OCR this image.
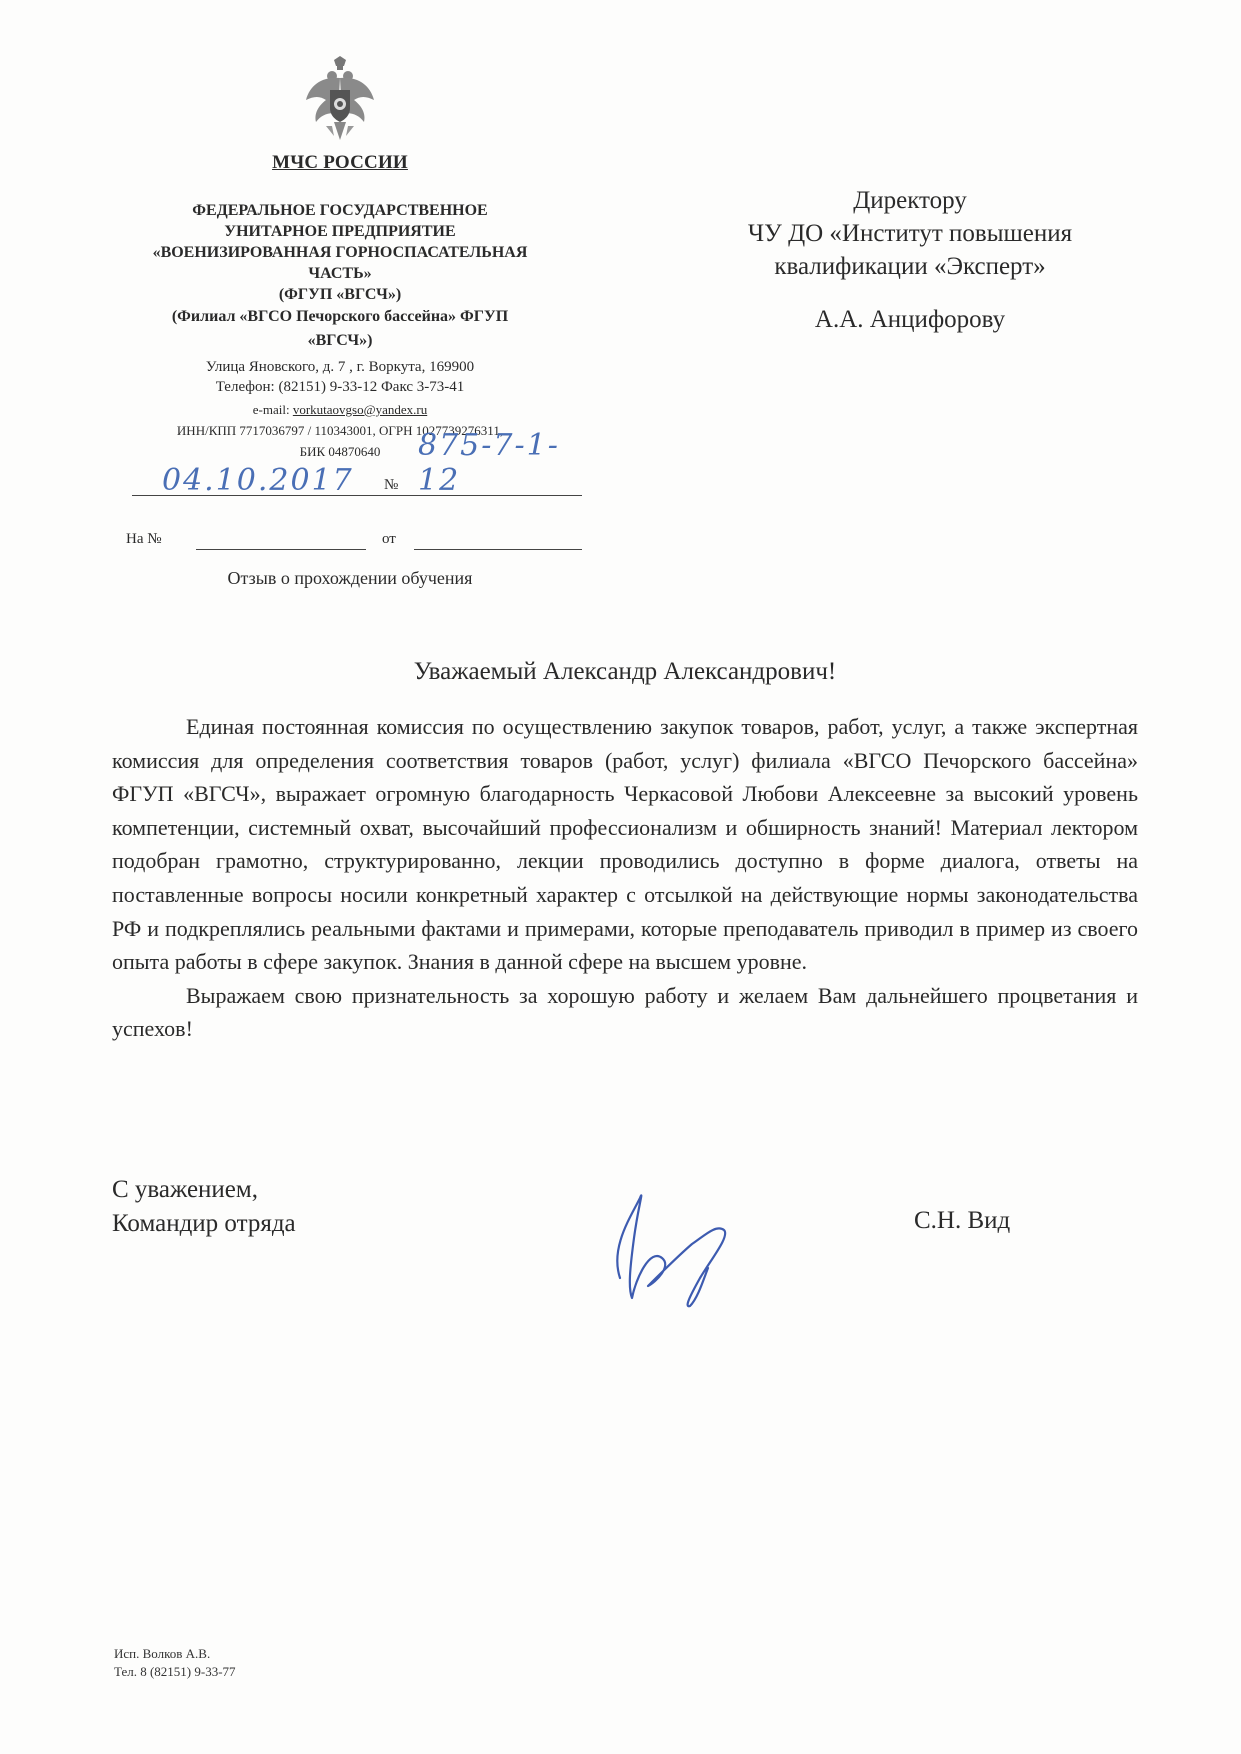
МЧС РОССИИ
ФЕДЕРАЛЬНОЕ ГОСУДАРСТВЕННОЕ
УНИТАРНОЕ ПРЕДПРИЯТИЕ
«ВОЕНИЗИРОВАННАЯ ГОРНОСПАСАТЕЛЬНАЯ
ЧАСТЬ»
(ФГУП «ВГСЧ»)
(Филиал «ВГСО Печорского бассейна» ФГУП
«ВГСЧ»)
Улица Яновского, д. 7 , г. Воркута, 169900
Телефон: (82151) 9-33-12 Факс 3-73-41
e-mail: vorkutaovgso@yandex.ru
ИНН/КПП 7717036797 / 110343001, ОГРН 1027739276311,
БИК 04870640
04.10.2017 №
875-7-1-12
На №	от
Отзыв о прохождении обучения
Директору
ЧУ ДО «Институт повышения
квалификации «Эксперт»
А.А. Анцифорову
Уважаемый Александр Александрович!

Единая постоянная комиссия по осуществлению закупок товаров, работ, услуг, а также экспертная комиссия для определения соответствия товаров (работ, услуг) филиала «ВГСО Печорского бассейна» ФГУП «ВГСЧ», выражает огромную благодарность Черкасовой Любови Алексеевне за высокий уровень компетенции, системный охват, высочайший профессионализм и обширность знаний! Материал лектором подобран грамотно, структурированно, лекции проводились доступно в форме диалога, ответы на поставленные вопросы носили конкретный характер с отсылкой на действующие нормы законодательства РФ и подкреплялись реальными фактами и примерами, которые преподаватель приводил в пример из своего опыта работы в сфере закупок. Знания в данной сфере на высшем уровне.

Выражаем свою признательность за хорошую работу и желаем Вам дальнейшего процветания и успехов!

С уважением,
Командир отряда	С.Н. Вид
Исп. Волков А.В.
Тел. 8 (82151) 9-33-77
